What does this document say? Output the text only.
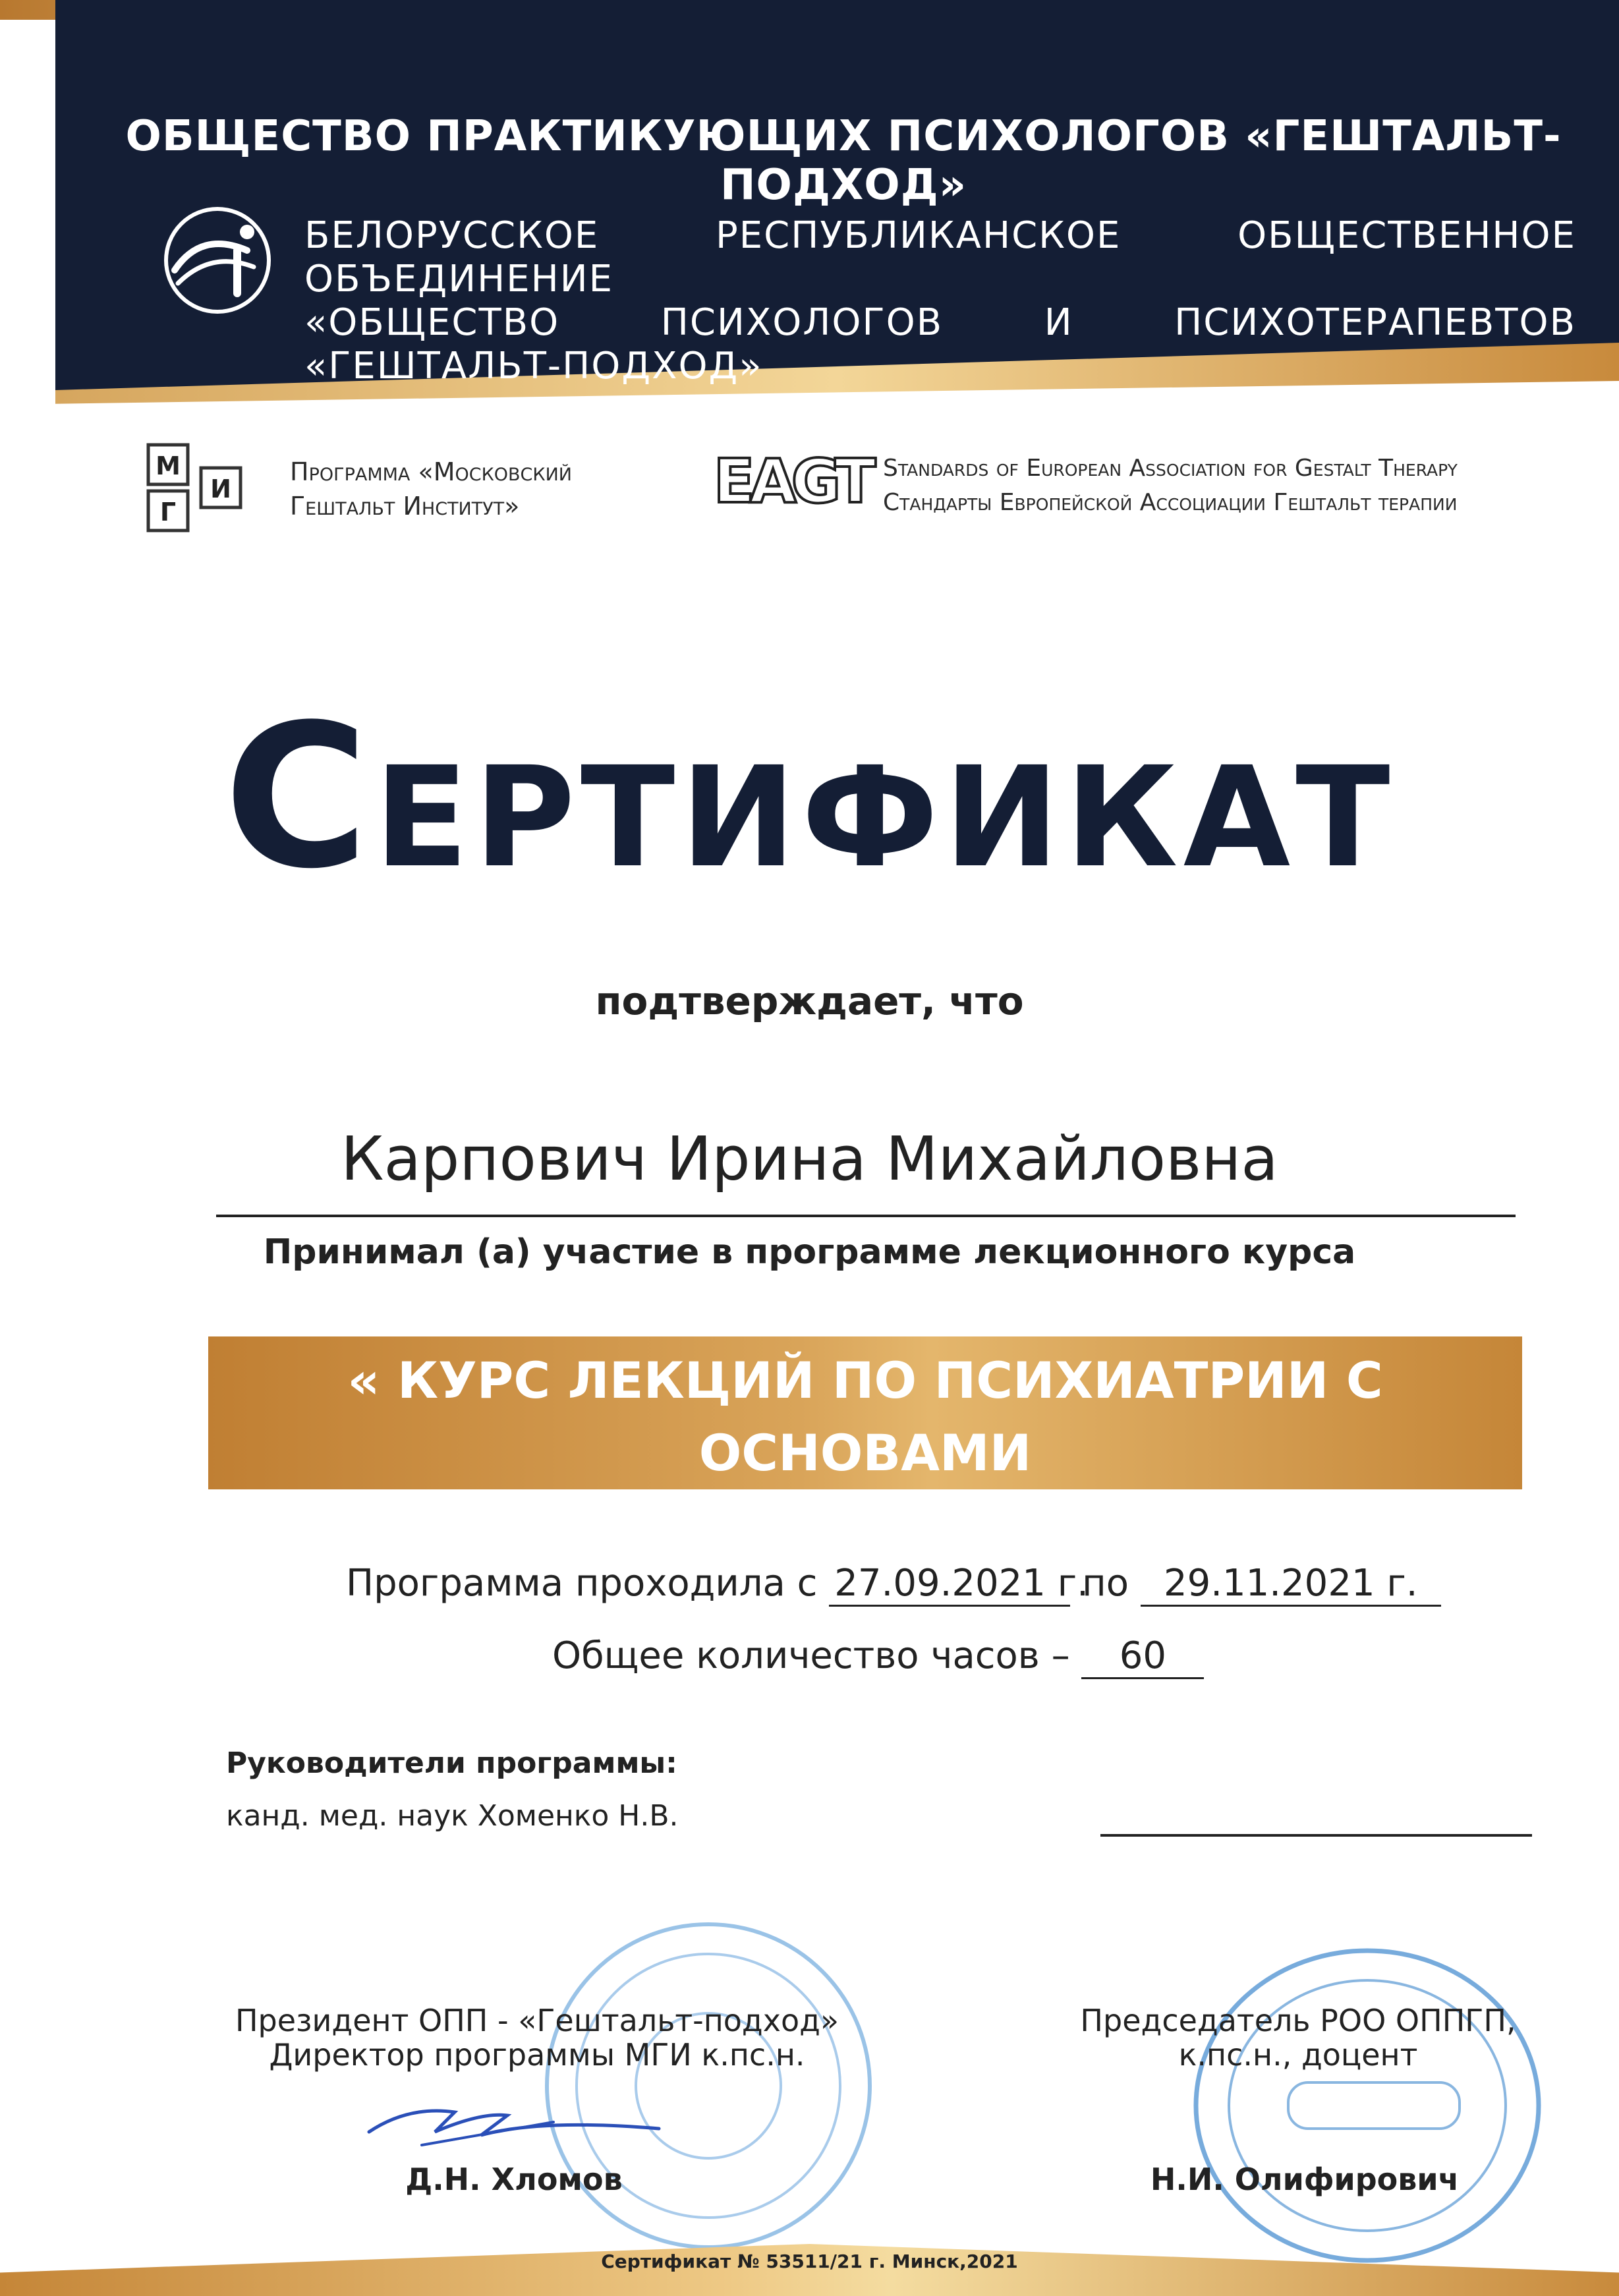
ОБЩЕСТВО ПРАКТИКУЮЩИХ ПСИХОЛОГОВ «ГЕШТАЛЬТ-ПОДХОД»
БЕЛОРУССКОЕ РЕСПУБЛИКАНСКОЕ ОБЩЕСТВЕННОЕ ОБЪЕДИНЕНИЕ
«ОБЩЕСТВО ПСИХОЛОГОВ И ПСИХОТЕРАПЕВТОВ «ГЕШТАЛЬТ-ПОДХОД»
М
И
Г
Программа «Московский
Гештальт Институт»	EAGT Standards of European Association for Gestalt Therapy
Стандарты Европейской Ассоциации Гештальт терапии
Сертификат
подтверждает, что
Карпович Ирина Михайловна
Принимал (а) участие в программе лекционного курса
« КУРС ЛЕКЦИЙ ПО ПСИХИАТРИИ С ОСНОВАМИ
ПСИХОДИНАМИЧЕСКОЙ ДИАГНОСТИКИ »
Программа проходила с 27.09.2021 г. по 29.11.2021 г.
Общее количество часов – 60
Руководители программы:
канд. мед. наук Хоменко Н.В.
Президент ОПП - «Гештальт-подход»
Директор программы МГИ к.пс.н.
Председатель РОО ОППГП,
к.пс.н., доцент
Д.Н. Хломов	Н.И. Олифирович
Сертификат № 53511/21 г. Минск,2021
